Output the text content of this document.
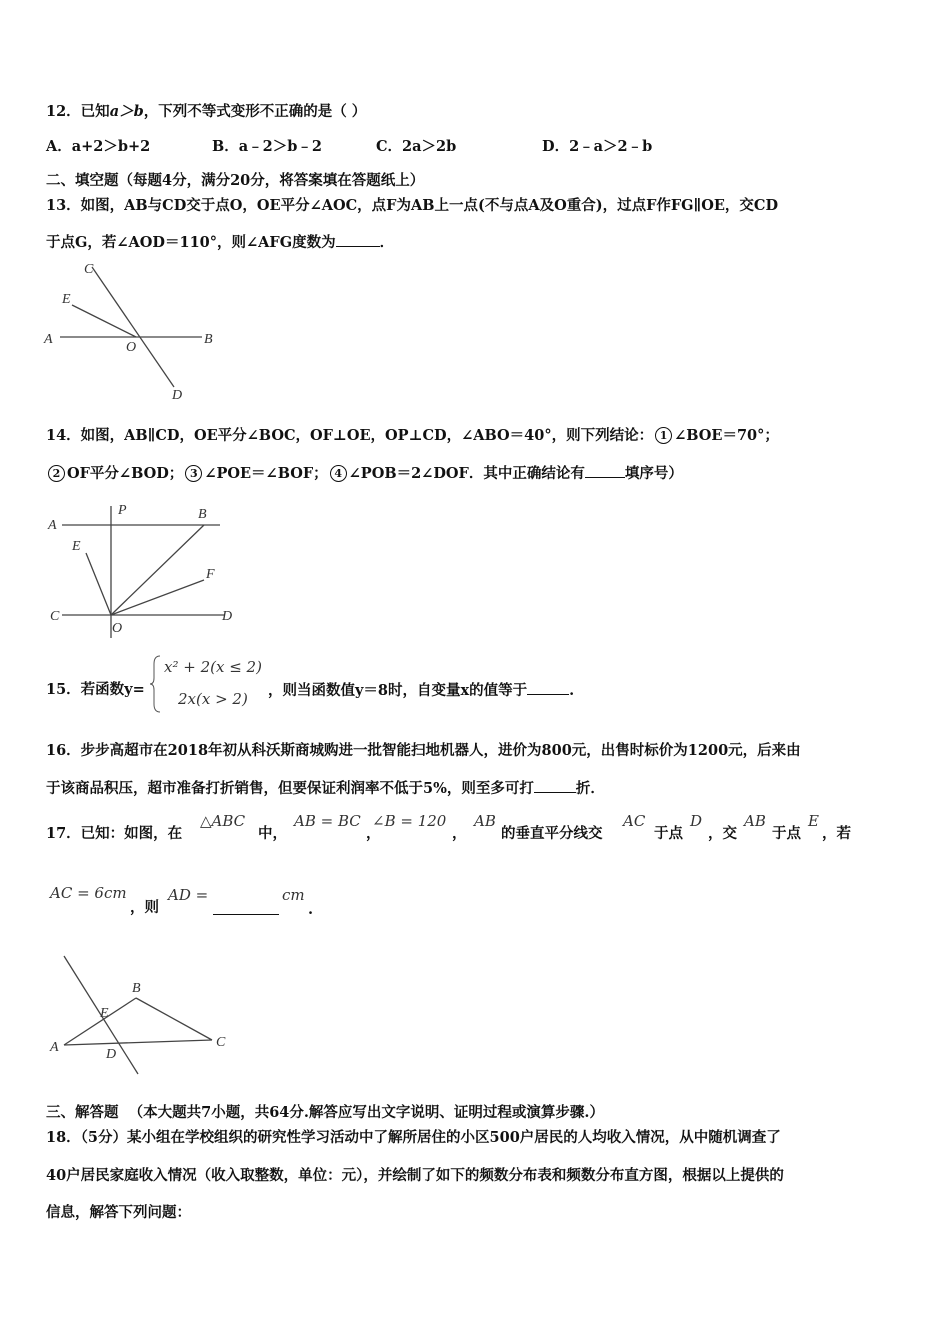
12．已知a＞b，下列不等式变形不正确的是（ ）
A．a+2＞b+2	B．a﹣2＞b﹣2	C．2a＞2b	D．2﹣a＞2﹣b
二、填空题（每题4分，满分20分，将答案填在答题纸上）
13．如图，AB与CD交于点O，OE平分∠AOC，点F为AB上一点(不与点A及O重合)，过点F作FG∥OE，交CD
于点G，若∠AOD＝110°，则∠AFG度数为	．
C
E
A
O
B
D
14．如图，AB∥CD，OE平分∠BOC，OF⊥OE，OP⊥CD，∠ABO＝40°，则下列结论： 1 ∠BOE＝70°；
2 OF平分∠BOD； 3 ∠POE＝∠BOF； 4 ∠POB＝2∠DOF．其中正确结论有	填序号）
A
P	B
E
F
C
O
D
15．若函数y=
x² + 2(x ≤ 2)
2x(x > 2) ，则当函数值y＝8时，自变量x的值等于	.
16．步步高超市在2018年初从科沃斯商城购进一批智能扫地机器人，进价为800元，出售时标价为1200元，后来由
于该商品积压，超市准备打折销售，但要保证利润率不低于5%，则至多可打	折．
17．已知：如图，在
△ABC
中，
AB = BC
，
∠B = 120
，
AB
的垂直平分线交
AC
于点
D
，交
AB
于点
E
，若
AC = 6cm
，则
AD =	cm
.
B
E
A	D
C
三、解答题 （本大题共7小题，共64分.解答应写出文字说明、证明过程或演算步骤.）
18．（5分）某小组在学校组织的研究性学习活动中了解所居住的小区500户居民的人均收入情况，从中随机调查了
40户居民家庭收入情况（收入取整数，单位：元），并绘制了如下的频数分布表和频数分布直方图，根据以上提供的
信息，解答下列问题：
